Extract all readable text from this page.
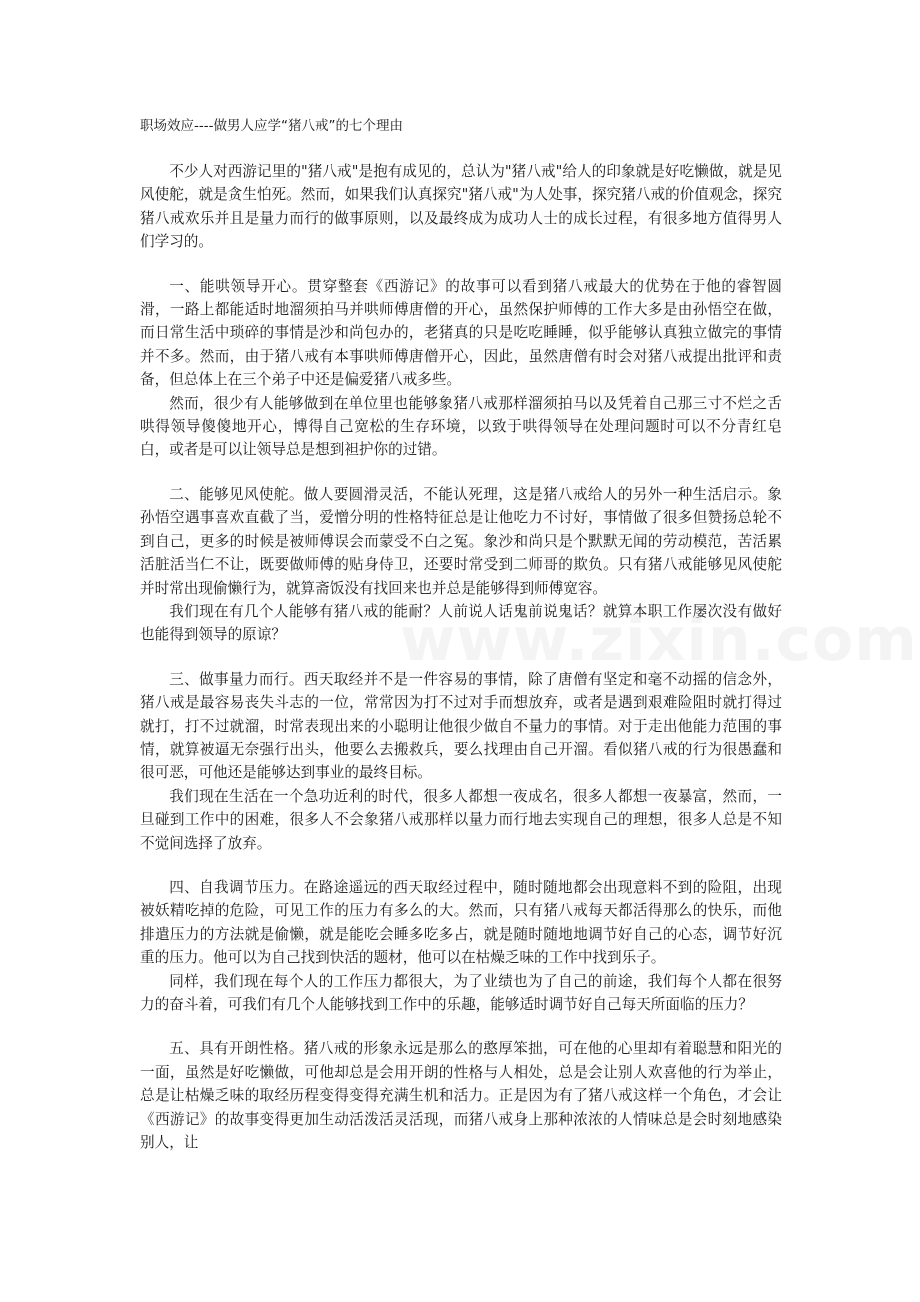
职场效应----做男人应学“猪八戒”的七个理由

不少人对西游记里的"猪八戒"是抱有成见的，总认为"猪八戒"给人的印象就是好吃懒做，就是见风使舵，就是贪生怕死。然而，如果我们认真探究"猪八戒"为人处事，探究猪八戒的价值观念，探究猪八戒欢乐并且是量力而行的做事原则，以及最终成为成功人士的成长过程，有很多地方值得男人们学习的。

一、能哄领导开心。贯穿整套《西游记》的故事可以看到猪八戒最大的优势在于他的睿智圆滑，一路上都能适时地溜须拍马并哄师傅唐僧的开心，虽然保护师傅的工作大多是由孙悟空在做，而日常生活中琐碎的事情是沙和尚包办的，老猪真的只是吃吃睡睡，似乎能够认真独立做完的事情并不多。然而，由于猪八戒有本事哄师傅唐僧开心，因此，虽然唐僧有时会对猪八戒提出批评和责备，但总体上在三个弟子中还是偏爱猪八戒多些。

然而，很少有人能够做到在单位里也能够象猪八戒那样溜须拍马以及凭着自己那三寸不烂之舌哄得领导傻傻地开心，博得自己宽松的生存环境，以致于哄得领导在处理问题时可以不分青红皂白，或者是可以让领导总是想到袒护你的过错。

二、能够见风使舵。做人要圆滑灵活，不能认死理，这是猪八戒给人的另外一种生活启示。象孙悟空遇事喜欢直截了当，爱憎分明的性格特征总是让他吃力不讨好，事情做了很多但赞扬总轮不到自己，更多的时候是被师傅误会而蒙受不白之冤。象沙和尚只是个默默无闻的劳动模范，苦活累活脏活当仁不让，既要做师傅的贴身侍卫，还要时常受到二师哥的欺负。只有猪八戒能够见风使舵并时常出现偷懒行为，就算斋饭没有找回来也并总是能够得到师傅宽容。

我们现在有几个人能够有猪八戒的能耐？人前说人话鬼前说鬼话？就算本职工作屡次没有做好也能得到领导的原谅？

三、做事量力而行。西天取经并不是一件容易的事情，除了唐僧有坚定和毫不动摇的信念外，猪八戒是最容易丧失斗志的一位，常常因为打不过对手而想放弃，或者是遇到艰难险阻时就打得过就打，打不过就溜，时常表现出来的小聪明让他很少做自不量力的事情。对于走出他能力范围的事情，就算被逼无奈强行出头，他要么去搬救兵，要么找理由自己开溜。看似猪八戒的行为很愚蠢和很可恶，可他还是能够达到事业的最终目标。

我们现在生活在一个急功近利的时代，很多人都想一夜成名，很多人都想一夜暴富，然而，一旦碰到工作中的困难，很多人不会象猪八戒那样以量力而行地去实现自己的理想，很多人总是不知不觉间选择了放弃。

四、自我调节压力。在路途遥远的西天取经过程中，随时随地都会出现意料不到的险阻，出现被妖精吃掉的危险，可见工作的压力有多么的大。然而，只有猪八戒每天都活得那么的快乐，而他排遣压力的方法就是偷懒，就是能吃会睡多吃多占，就是随时随地地调节好自己的心态，调节好沉重的压力。他可以为自己找到快活的题材，他可以在枯燥乏味的工作中找到乐子。

同样，我们现在每个人的工作压力都很大，为了业绩也为了自己的前途，我们每个人都在很努力的奋斗着，可我们有几个人能够找到工作中的乐趣，能够适时调节好自己每天所面临的压力？

五、具有开朗性格。猪八戒的形象永远是那么的憨厚笨拙，可在他的心里却有着聪慧和阳光的一面，虽然是好吃懒做，可他却总是会用开朗的性格与人相处，总是会让别人欢喜他的行为举止，总是让枯燥乏味的取经历程变得变得充满生机和活力。正是因为有了猪八戒这样一个角色，才会让《西游记》的故事变得更加生动活泼活灵活现，而猪八戒身上那种浓浓的人情味总是会时刻地感染别人，让
